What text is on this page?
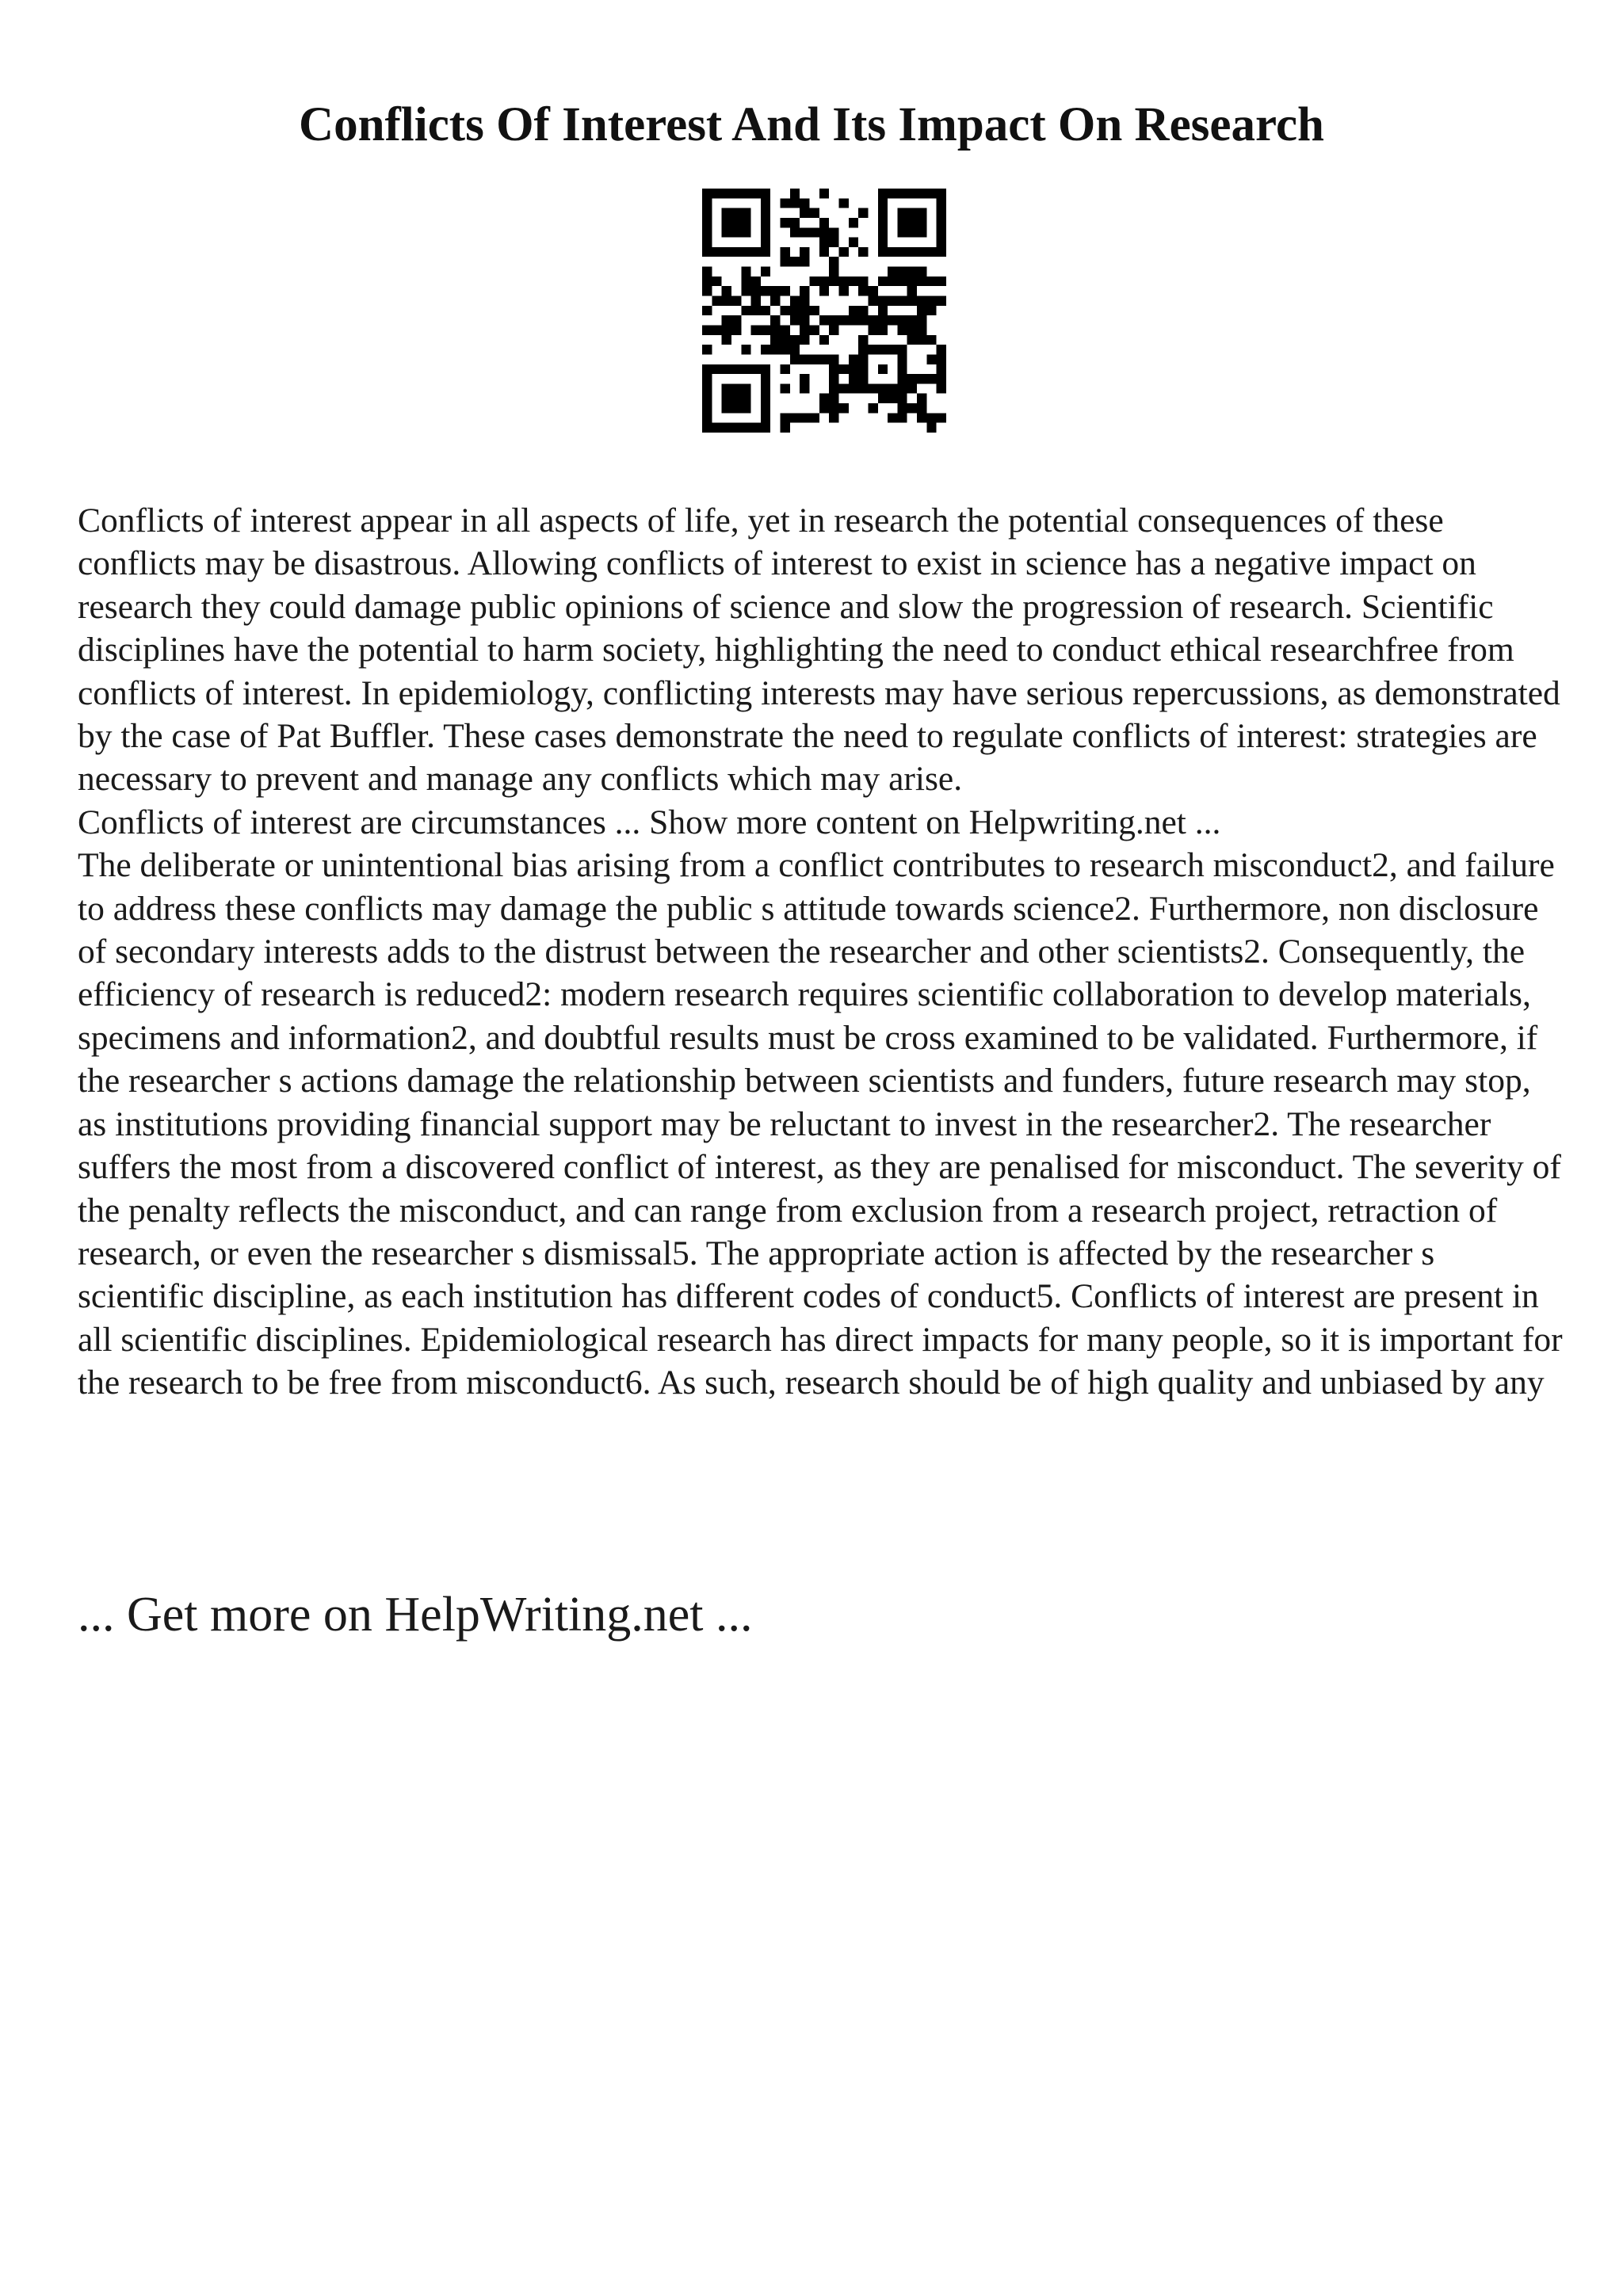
Conflicts Of Interest And Its Impact On Research

Conflicts of interest appear in all aspects of life, yet in research the potential consequences of these conflicts may be disastrous. Allowing conflicts of interest to exist in science has a negative impact on research they could damage public opinions of science and slow the progression of research. Scientific disciplines have the potential to harm society, highlighting the need to conduct ethical researchfree from conflicts of interest. In epidemiology, conflicting interests may have serious repercussions, as demonstrated by the case of Pat Buffler. These cases demonstrate the need to regulate conflicts of interest: strategies are necessary to prevent and manage any conflicts which may arise.

Conflicts of interest are circumstances ... Show more content on Helpwriting.net ...

The deliberate or unintentional bias arising from a conflict contributes to research misconduct2, and failure to address these conflicts may damage the public s attitude towards science2. Furthermore, non disclosure of secondary interests adds to the distrust between the researcher and other scientists2. Consequently, the efficiency of research is reduced2: modern research requires scientific collaboration to develop materials, specimens and information2, and doubtful results must be cross examined to be validated. Furthermore, if the researcher s actions damage the relationship between scientists and funders, future research may stop, as institutions providing financial support may be reluctant to invest in the researcher2. The researcher suffers the most from a discovered conflict of interest, as they are penalised for misconduct. The severity of the penalty reflects the misconduct, and can range from exclusion from a research project, retraction of research, or even the researcher s dismissal5. The appropriate action is affected by the researcher s scientific discipline, as each institution has different codes of conduct5. Conflicts of interest are present in all scientific disciplines. Epidemiological research has direct impacts for many people, so it is important for the research to be free from misconduct6. As such, research should be of high quality and unbiased by any

... Get more on HelpWriting.net ...
